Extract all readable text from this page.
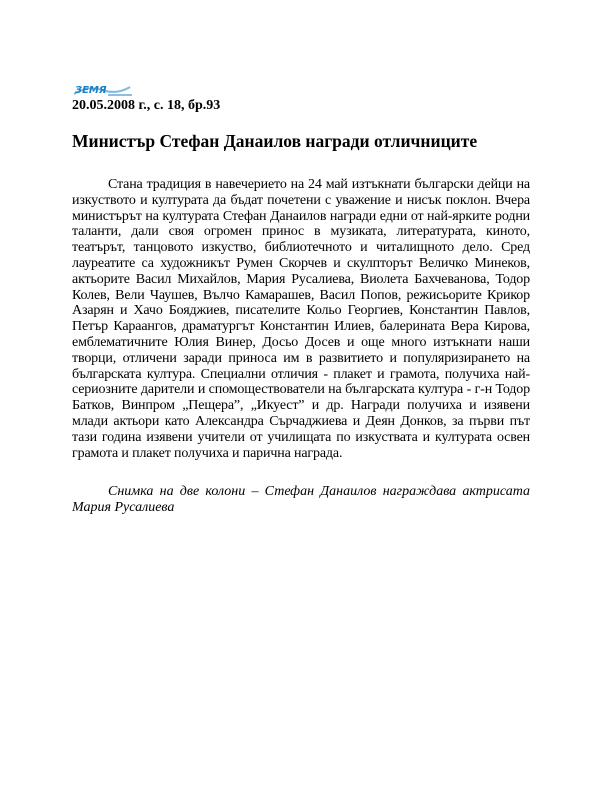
ЗЕМЯ
20.05.2008 г., с. 18, бр.93
Министър Стефан Данаилов награди отличниците

Стана традиция в навечерието на 24 май изтъкнати български дейци на изкуството и културата да бъдат почетени с уважение и нисък поклон. Вчера министърът на културата Стефан Данаилов награди едни от най-ярките родни таланти, дали своя огромен принос в музиката, литературата, киното, театърът, танцовото изкуство, библиотечното и читалищното дело. Сред лауреатите са художникът Румен Скорчев и скулпторът Величко Минеков, актьорите Васил Михайлов, Мария Русалиева, Виолета Бахчеванова, Тодор Колев, Вели Чаушев, Вълчо Камарашев, Васил Попов, режисьорите Крикор Азарян и Хачо Бояджиев, писателите Кольо Георгиев, Константин Павлов, Петър Караангов, драматургът Константин Илиев, балерината Вера Кирова, емблематичните Юлия Винер, Досьо Досев и още много изтъкнати наши творци, отличени заради приноса им в развитието и популяризирането на българската култура. Специални отличия - плакет и грамота, получиха най-сериозните дарители и спомоществователи на българската култура - г-н Тодор Батков, Винпром „Пещера”, „Икуест” и др. Награди получиха и изявени млади актьори като Александра Сърчаджиева и Деян Донков, за първи път тази година изявени учители от училищата по изкуствата и културата освен грамота и плакет получиха и парична награда.

Снимка на две колони – Стефан Данаилов награждава актрисата Мария Русалиева
